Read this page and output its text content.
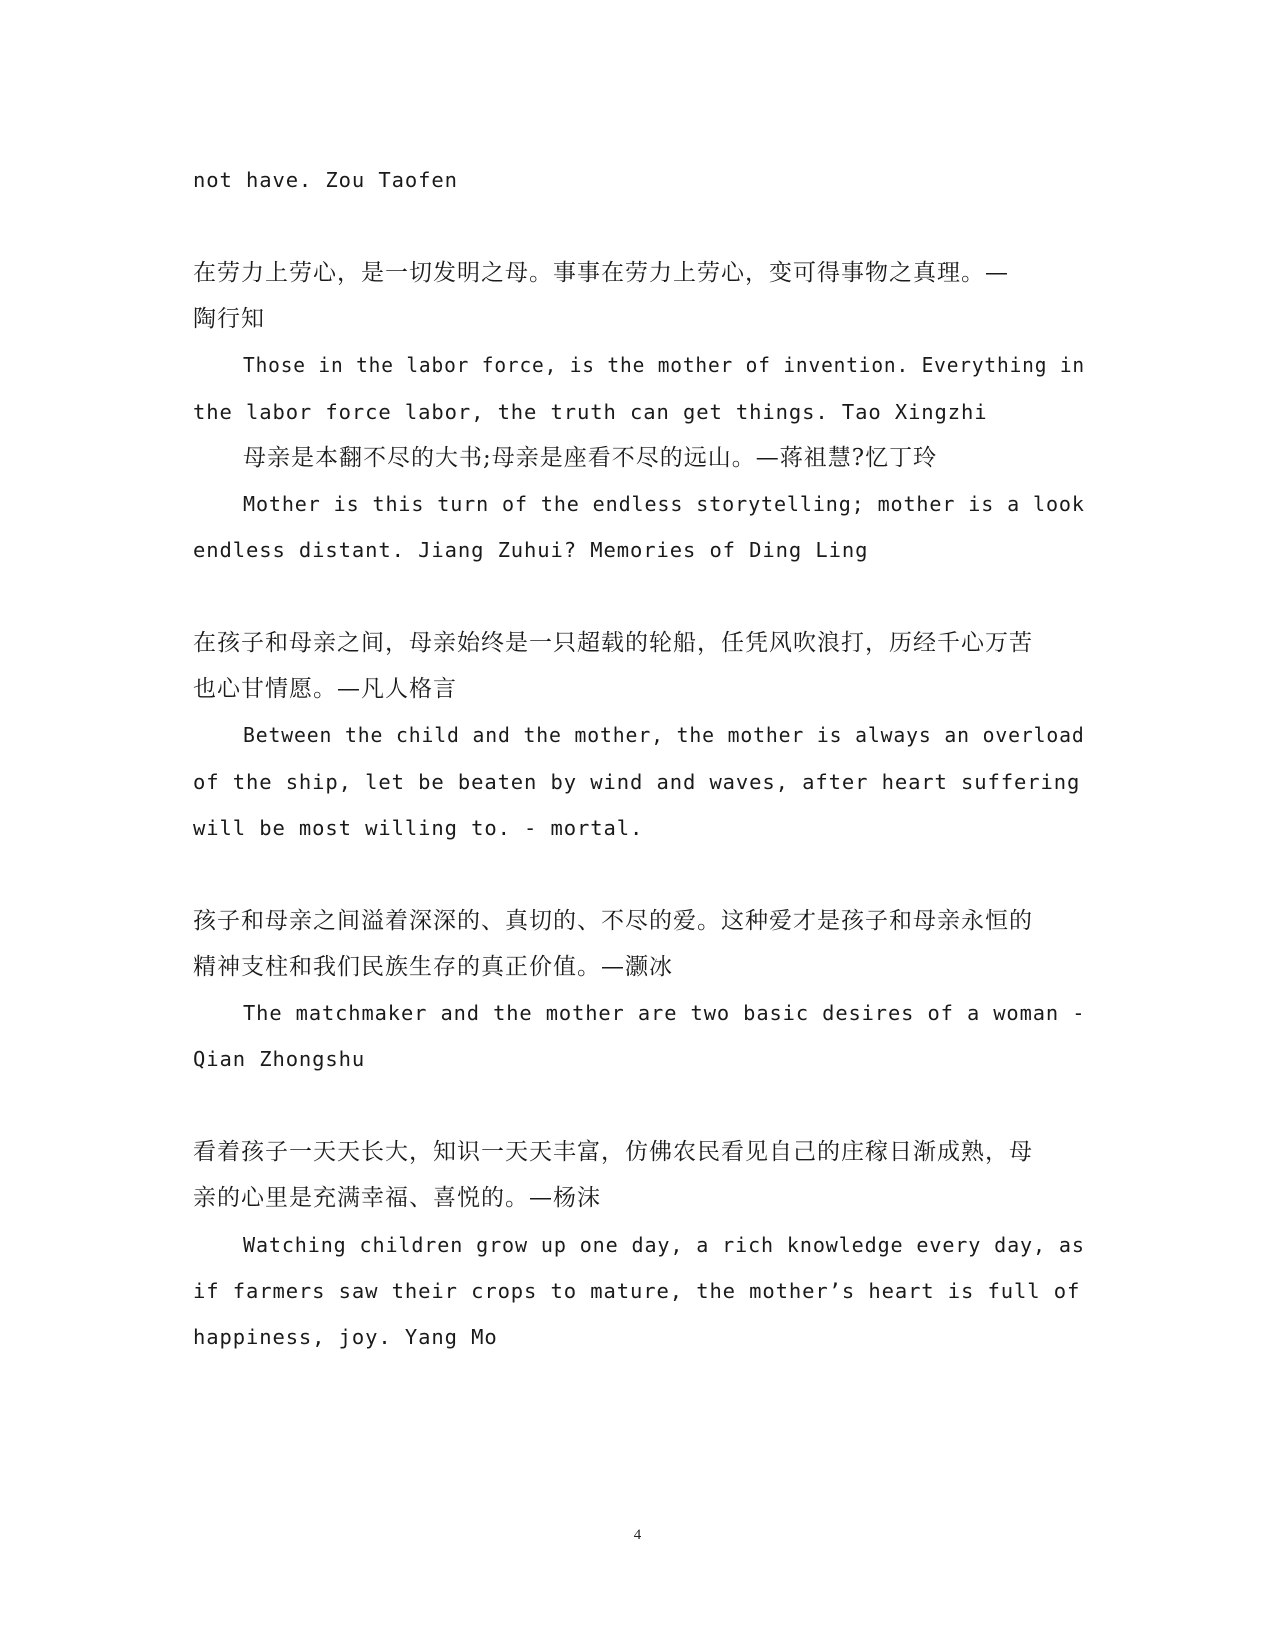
not have. Zou Taofen
在劳力上劳心，是一切发明之母。事事在劳力上劳心，变可得事物之真理。—
陶行知
Those in the labor force, is the mother of invention. Everything in
the labor force labor, the truth can get things. Tao Xingzhi
母亲是本翻不尽的大书;母亲是座看不尽的远山。—蒋祖慧?忆丁玲
Mother is this turn of the endless storytelling; mother is a look
endless distant. Jiang Zuhui? Memories of Ding Ling
在孩子和母亲之间，母亲始终是一只超载的轮船，任凭风吹浪打，历经千心万苦
也心甘情愿。—凡人格言
Between the child and the mother, the mother is always an overload
of the ship, let be beaten by wind and waves, after heart suffering
will be most willing to. - mortal.
孩子和母亲之间溢着深深的、真切的、不尽的爱。这种爱才是孩子和母亲永恒的
精神支柱和我们民族生存的真正价值。—灏冰
The matchmaker and the mother are two basic desires of a woman -
Qian Zhongshu
看着孩子一天天长大，知识一天天丰富，仿佛农民看见自己的庄稼日渐成熟，母
亲的心里是充满幸福、喜悦的。—杨沫
Watching children grow up one day, a rich knowledge every day, as
if farmers saw their crops to mature, the mother’s heart is full of
happiness, joy. Yang Mo
4
